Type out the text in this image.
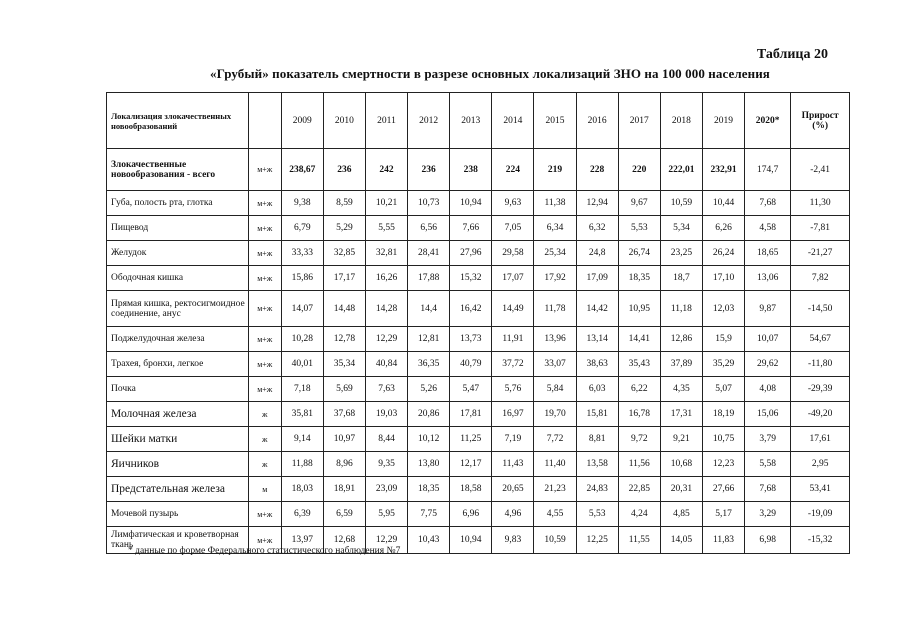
Таблица 20
«Грубый» показатель смертности в разрезе основных локализаций ЗНО на 100 000 населения
Локализация злокачественных новообразований		2009	2010	2011	2012	2013	2014	2015	2016	2017	2018	2019	2020*	Прирост (%)
Злокачественные новообразования - всего	м+ж	238,67	236	242	236	238	224	219	228	220	222,01	232,91	174,7	-2,41
Губа, полость рта, глотка	м+ж	9,38	8,59	10,21	10,73	10,94	9,63	11,38	12,94	9,67	10,59	10,44	7,68	11,30
Пищевод	м+ж	6,79	5,29	5,55	6,56	7,66	7,05	6,34	6,32	5,53	5,34	6,26	4,58	-7,81
Желудок	м+ж	33,33	32,85	32,81	28,41	27,96	29,58	25,34	24,8	26,74	23,25	26,24	18,65	-21,27
Ободочная кишка	м+ж	15,86	17,17	16,26	17,88	15,32	17,07	17,92	17,09	18,35	18,7	17,10	13,06	7,82
Прямая кишка, ректосигмоидное соединение, анус	м+ж	14,07	14,48	14,28	14,4	16,42	14,49	11,78	14,42	10,95	11,18	12,03	9,87	-14,50
Поджелудочная железа	м+ж	10,28	12,78	12,29	12,81	13,73	11,91	13,96	13,14	14,41	12,86	15,9	10,07	54,67
Трахея, бронхи, легкое	м+ж	40,01	35,34	40,84	36,35	40,79	37,72	33,07	38,63	35,43	37,89	35,29	29,62	-11,80
Почка	м+ж	7,18	5,69	7,63	5,26	5,47	5,76	5,84	6,03	6,22	4,35	5,07	4,08	-29,39
Молочная железа	ж	35,81	37,68	19,03	20,86	17,81	16,97	19,70	15,81	16,78	17,31	18,19	15,06	-49,20
Шейки матки	ж	9,14	10,97	8,44	10,12	11,25	7,19	7,72	8,81	9,72	9,21	10,75	3,79	17,61
Яичников	ж	11,88	8,96	9,35	13,80	12,17	11,43	11,40	13,58	11,56	10,68	12,23	5,58	2,95
Предстательная железа	м	18,03	18,91	23,09	18,35	18,58	20,65	21,23	24,83	22,85	20,31	27,66	7,68	53,41
Мочевой пузырь	м+ж	6,39	6,59	5,95	7,75	6,96	4,96	4,55	5,53	4,24	4,85	5,17	3,29	-19,09
Лимфатическая и кроветворная ткань	м+ж	13,97	12,68	12,29	10,43	10,94	9,83	10,59	12,25	11,55	14,05	11,83	6,98	-15,32
* данные по форме Федерального статистического наблюдения №7
